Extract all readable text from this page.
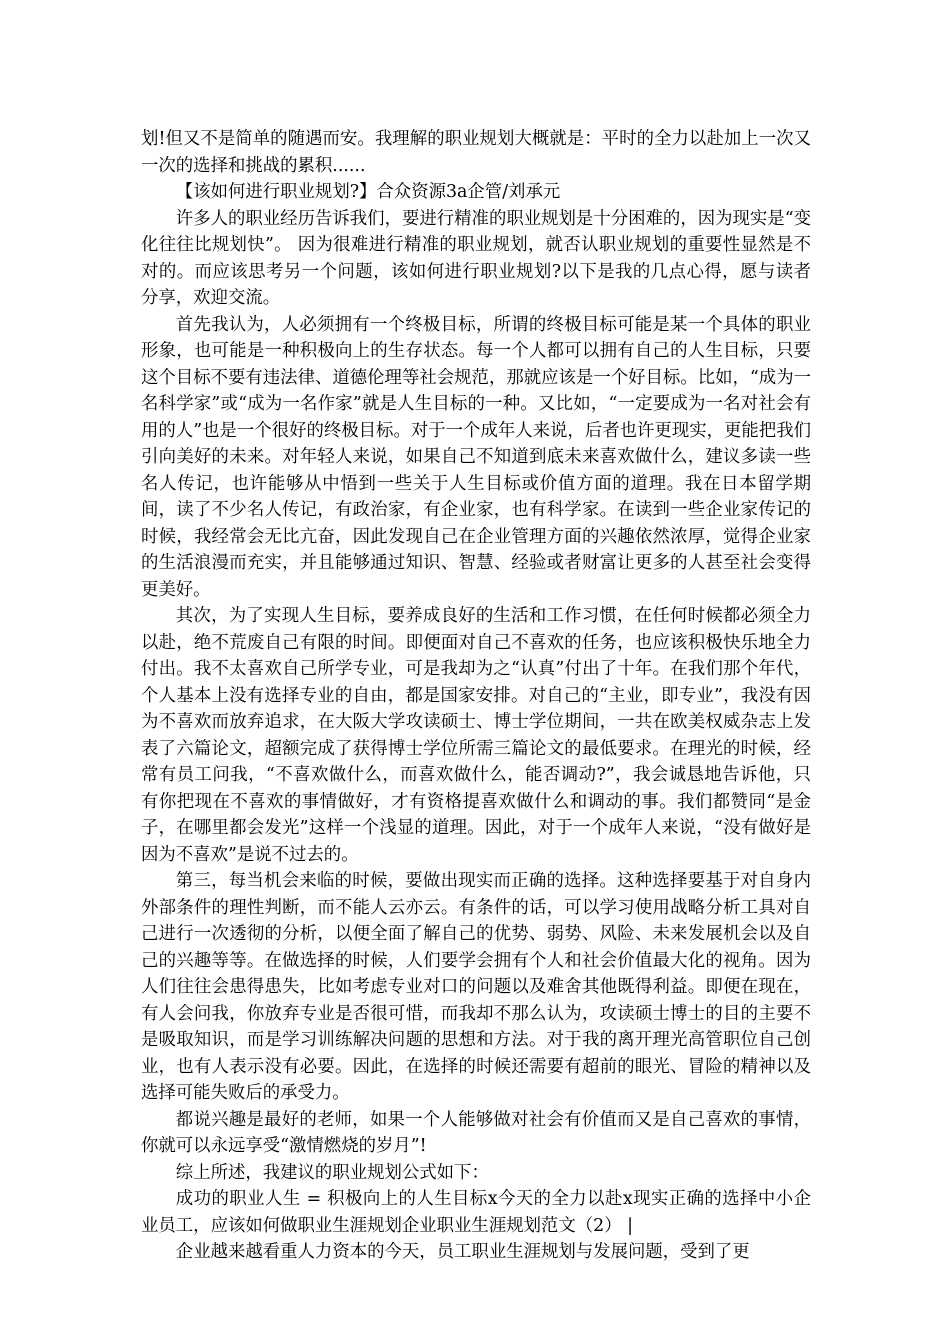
划!但又不是简单的随遇而安。我理解的职业规划大概就是：平时的全力以赴加上一次又一次的选择和挑战的累积......

【该如何进行职业规划?】合众资源3a企管/刘承元

许多人的职业经历告诉我们，要进行精准的职业规划是十分困难的，因为现实是“变化往往比规划快”。 因为很难进行精准的职业规划，就否认职业规划的重要性显然是不对的。而应该思考另一个问题，该如何进行职业规划?以下是我的几点心得，愿与读者分享，欢迎交流。

首先我认为，人必须拥有一个终极目标，所谓的终极目标可能是某一个具体的职业形象，也可能是一种积极向上的生存状态。每一个人都可以拥有自己的人生目标，只要这个目标不要有违法律、道德伦理等社会规范，那就应该是一个好目标。比如，“成为一名科学家”或“成为一名作家”就是人生目标的一种。又比如，“一定要成为一名对社会有用的人”也是一个很好的终极目标。对于一个成年人来说，后者也许更现实，更能把我们引向美好的未来。对年轻人来说，如果自己不知道到底未来喜欢做什么，建议多读一些名人传记，也许能够从中悟到一些关于人生目标或价值方面的道理。我在日本留学期间，读了不少名人传记，有政治家，有企业家，也有科学家。在读到一些企业家传记的时候，我经常会无比亢奋，因此发现自己在企业管理方面的兴趣依然浓厚，觉得企业家的生活浪漫而充实，并且能够通过知识、智慧、经验或者财富让更多的人甚至社会变得更美好。

其次，为了实现人生目标，要养成良好的生活和工作习惯，在任何时候都必须全力以赴，绝不荒废自己有限的时间。即便面对自己不喜欢的任务，也应该积极快乐地全力付出。我不太喜欢自己所学专业，可是我却为之“认真”付出了十年。在我们那个年代，个人基本上没有选择专业的自由，都是国家安排。对自己的“主业，即专业”，我没有因为不喜欢而放弃追求，在大阪大学攻读硕士、博士学位期间，一共在欧美权威杂志上发表了六篇论文，超额完成了获得博士学位所需三篇论文的最低要求。在理光的时候，经常有员工问我，“不喜欢做什么，而喜欢做什么，能否调动?”，我会诚恳地告诉他，只有你把现在不喜欢的事情做好，才有资格提喜欢做什么和调动的事。我们都赞同“是金子，在哪里都会发光”这样一个浅显的道理。因此，对于一个成年人来说，“没有做好是因为不喜欢”是说不过去的。

第三，每当机会来临的时候，要做出现实而正确的选择。这种选择要基于对自身内外部条件的理性判断，而不能人云亦云。有条件的话，可以学习使用战略分析工具对自己进行一次透彻的分析，以便全面了解自己的优势、弱势、风险、未来发展机会以及自己的兴趣等等。在做选择的时候，人们要学会拥有个人和社会价值最大化的视角。因为人们往往会患得患失，比如考虑专业对口的问题以及难舍其他既得利益。即便在现在，有人会问我，你放弃专业是否很可惜，而我却不那么认为，攻读硕士博士的目的主要不是吸取知识，而是学习训练解决问题的思想和方法。对于我的离开理光高管职位自己创业，也有人表示没有必要。因此，在选择的时候还需要有超前的眼光、冒险的精神以及选择可能失败后的承受力。

都说兴趣是最好的老师，如果一个人能够做对社会有价值而又是自己喜欢的事情，你就可以永远享受“激情燃烧的岁月”!

综上所述，我建议的职业规划公式如下：

成功的职业人生 = 积极向上的人生目标x今天的全力以赴x现实正确的选择中小企业员工，应该如何做职业生涯规划企业职业生涯规划范文（2） |

企业越来越看重人力资本的今天，员工职业生涯规划与发展问题，受到了更
